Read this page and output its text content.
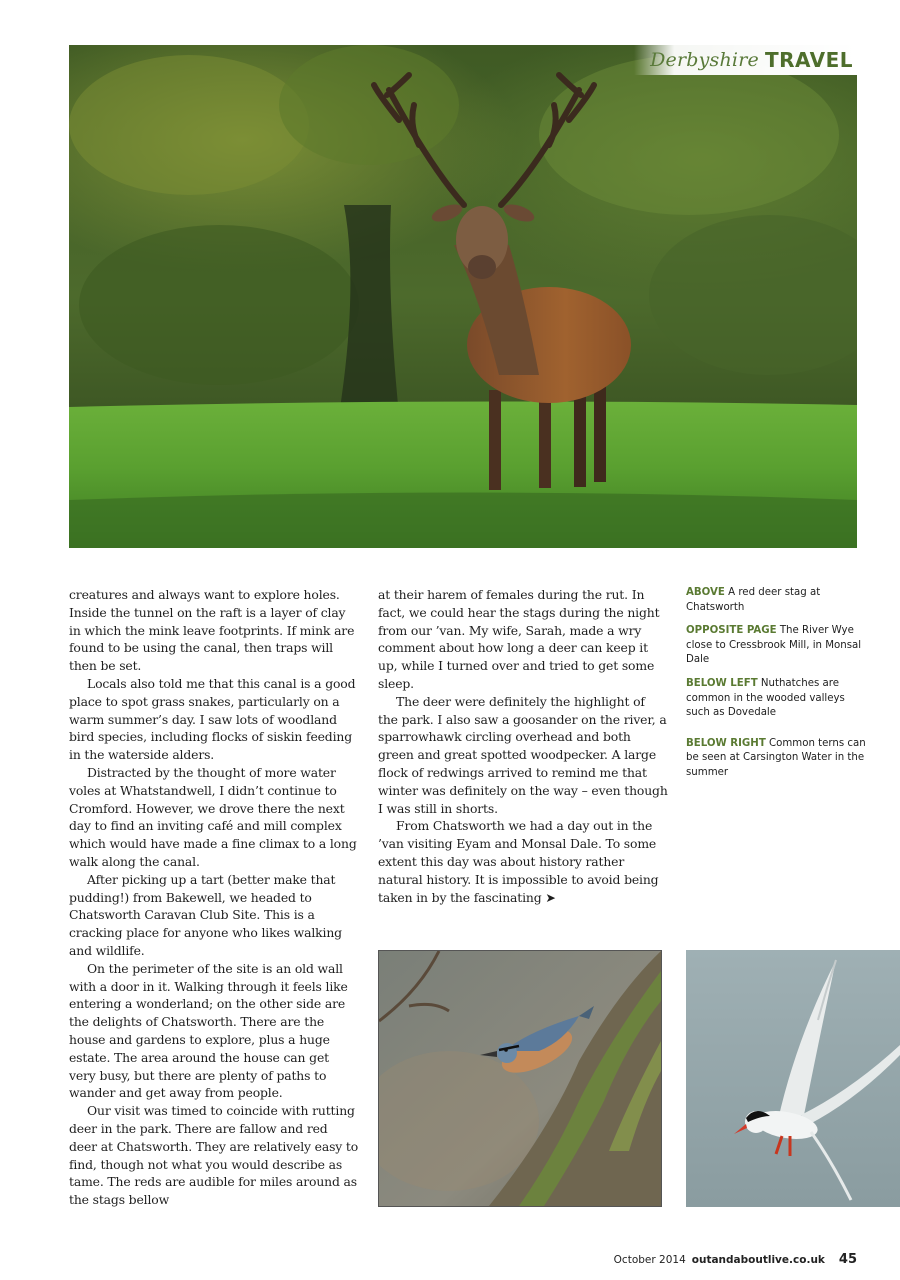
Derbyshire TRAVEL

creatures and always want to explore holes. Inside the tunnel on the raft is a layer of clay in which the mink leave footprints. If mink are found to be using the canal, then traps will then be set.

Locals also told me that this canal is a good place to spot grass snakes, particularly on a warm summer’s day. I saw lots of woodland bird species, including flocks of siskin feeding in the waterside alders.

Distracted by the thought of more water voles at Whatstandwell, I didn’t continue to Cromford. However, we drove there the next day to find an inviting café and mill complex which would have made a fine climax to a long walk along the canal.

After picking up a tart (better make that pudding!) from Bakewell, we headed to Chatsworth Caravan Club Site. This is a cracking place for anyone who likes walking and wildlife.

On the perimeter of the site is an old wall with a door in it. Walking through it feels like entering a wonderland; on the other side are the delights of Chatsworth. There are the house and gardens to explore, plus a huge estate. The area around the house can get very busy, but there are plenty of paths to wander and get away from people.

Our visit was timed to coincide with rutting deer in the park. There are fallow and red deer at Chatsworth. They are relatively easy to find, though not what you would describe as tame. The reds are audible for miles around as the stags bellow

at their harem of females during the rut. In fact, we could hear the stags during the night from our ’van. My wife, Sarah, made a wry comment about how long a deer can keep it up, while I turned over and tried to get some sleep.

The deer were definitely the highlight of the park. I also saw a goosander on the river, a sparrowhawk circling overhead and both green and great spotted woodpecker. A large flock of redwings arrived to remind me that winter was definitely on the way – even though I was still in shorts.

From Chatsworth we had a day out in the ’van visiting Eyam and Monsal Dale. To some extent this day was about history rather natural history. It is impossible to avoid being taken in by the fascinating ➤

ABOVE A red deer stag at Chatsworth

OPPOSITE PAGE The River Wye close to Cressbrook Mill, in Monsal Dale

BELOW LEFT Nuthatches are common in the wooded valleys such as Dovedale

BELOW RIGHT Common terns can be seen at Carsington Water in the summer

October 2014 outandaboutlive.co.uk 45
